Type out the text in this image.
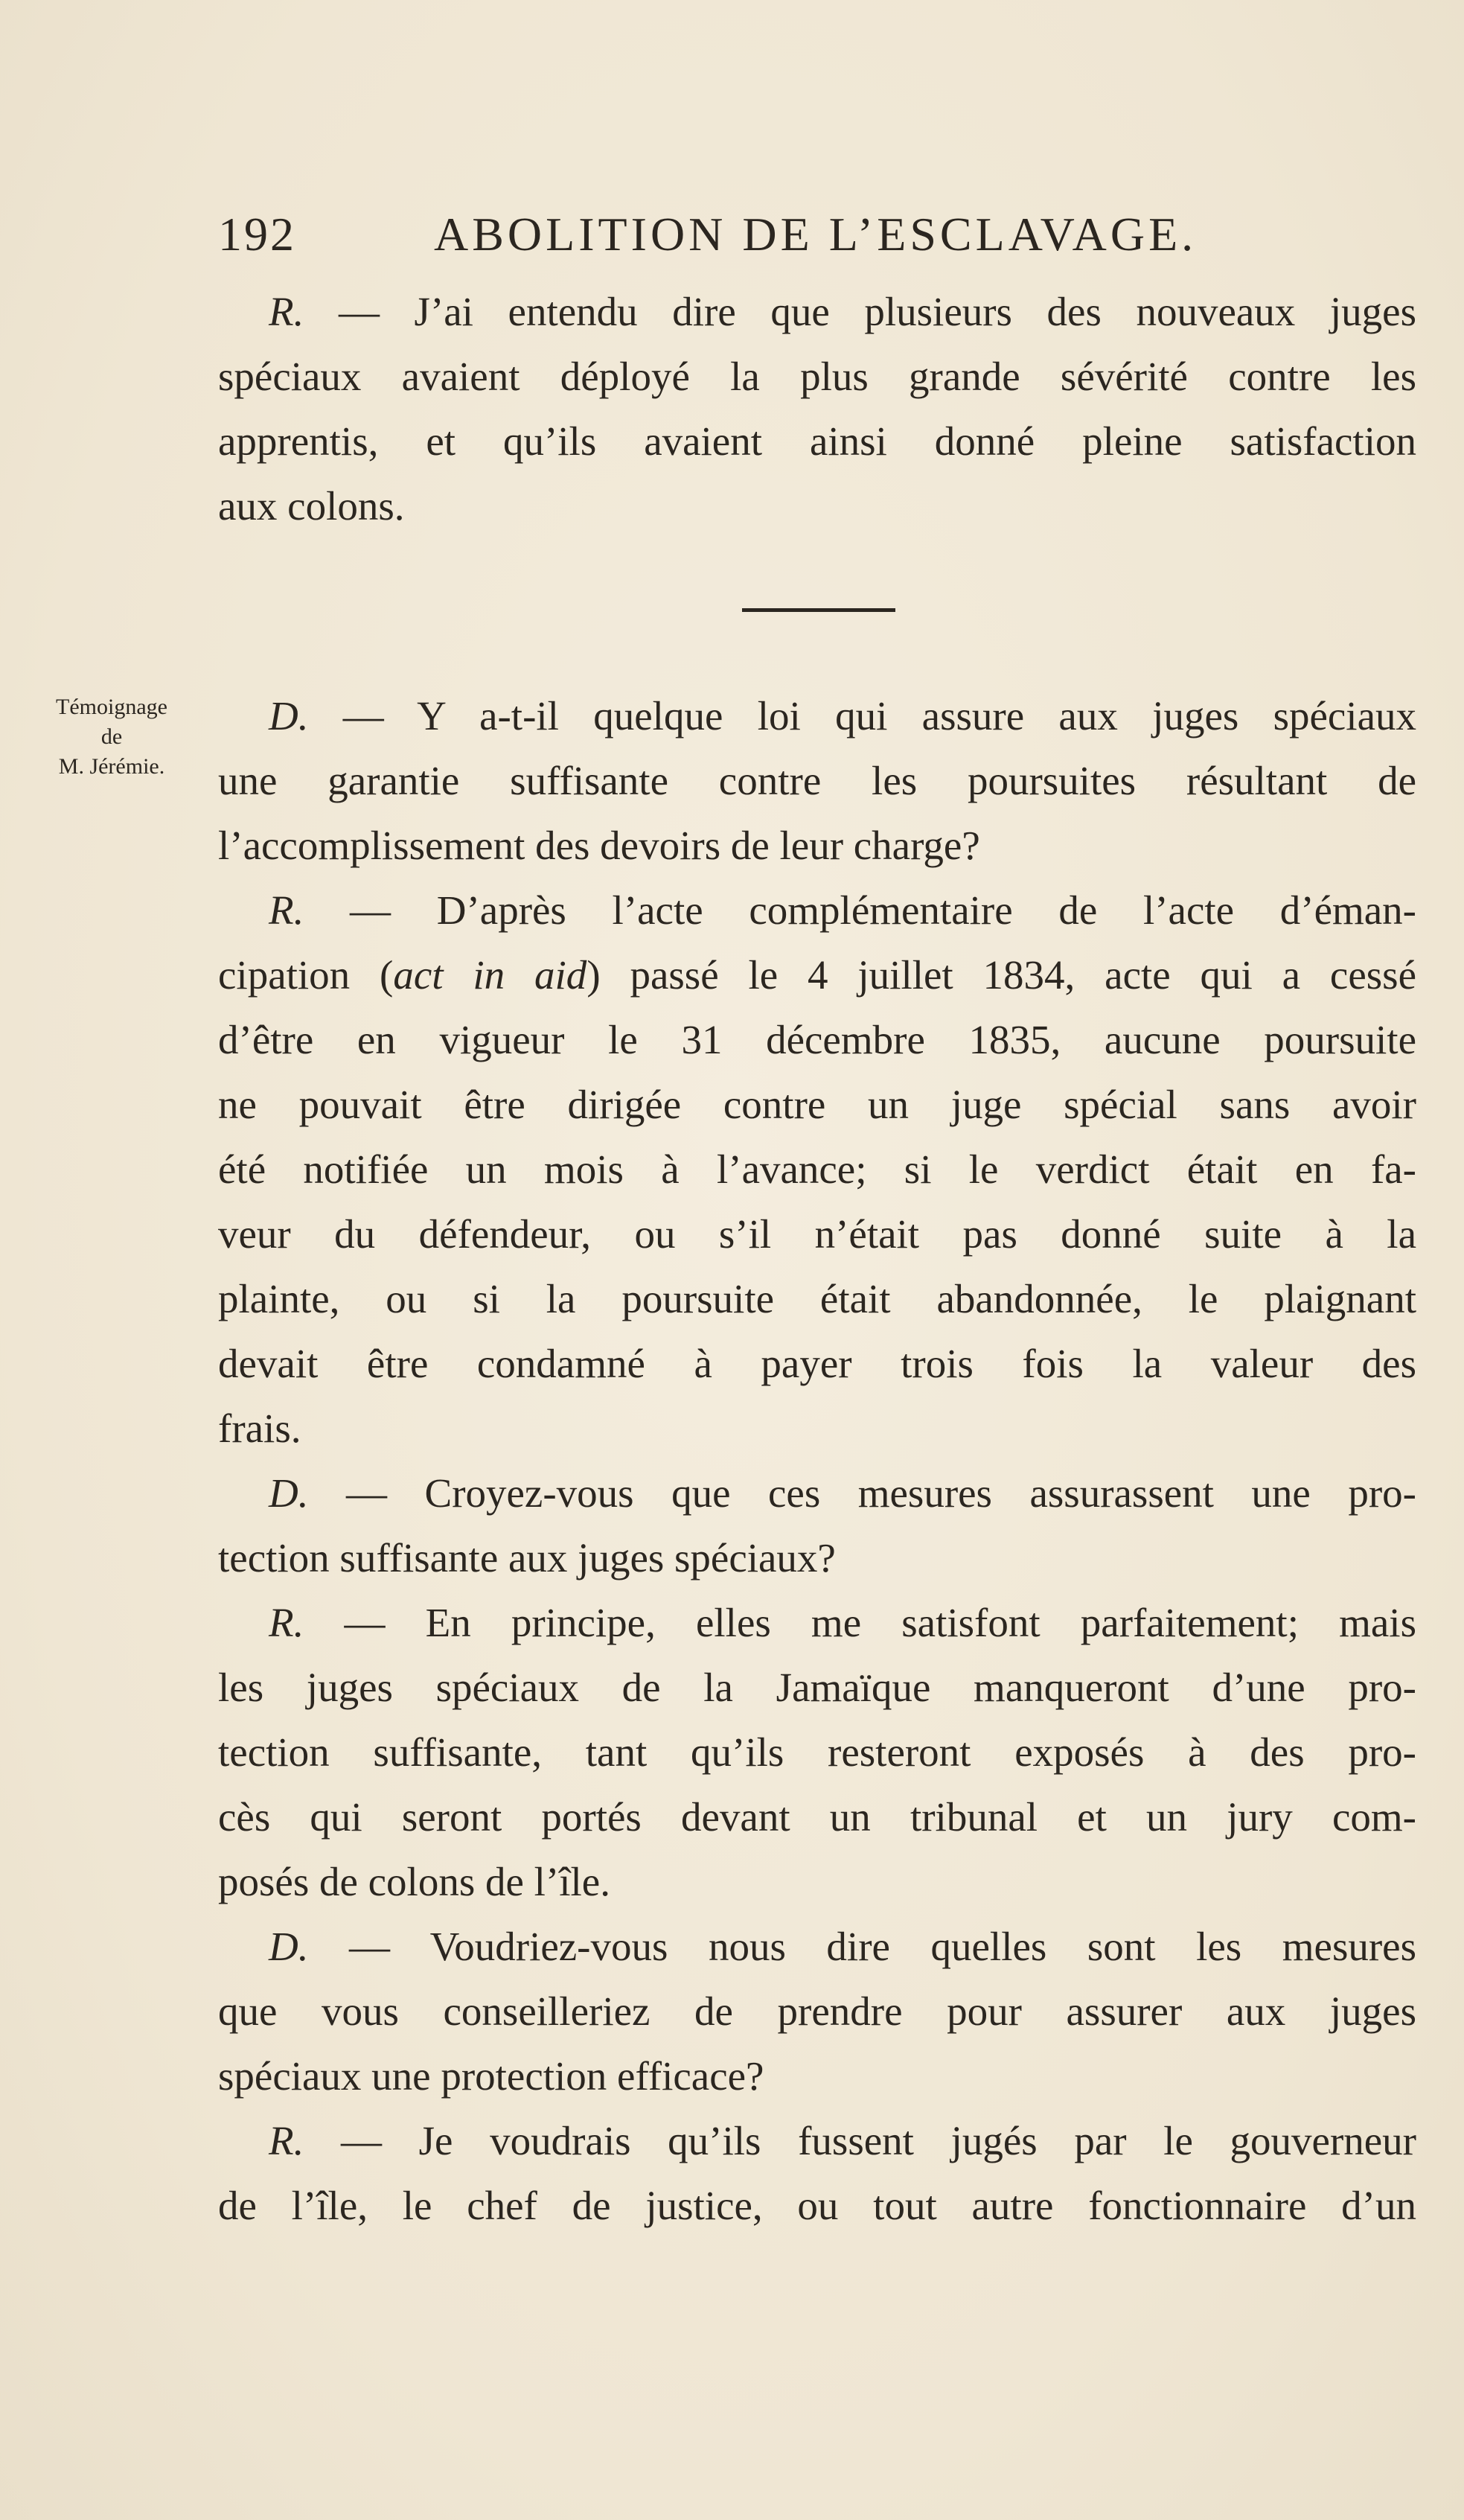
192	ABOLITION DE L’ESCLAVAGE.
R. — J’ai entendu dire que plusieurs des nouveaux juges
spéciaux avaient déployé la plus grande sévérité contre les
apprentis, et qu’ils avaient ainsi donné pleine satisfaction
aux colons.
Témoignage
de
M. Jérémie.
D. — Y a-t-il quelque loi qui assure aux juges spéciaux
une garantie suffisante contre les poursuites résultant de
l’accomplissement des devoirs de leur charge?
R. — D’après l’acte complémentaire de l’acte d’éman-
cipation (act in aid) passé le 4 juillet 1834, acte qui a cessé
d’être en vigueur le 31 décembre 1835, aucune poursuite
ne pouvait être dirigée contre un juge spécial sans avoir
été notifiée un mois à l’avance; si le verdict était en fa-
veur du défendeur, ou s’il n’était pas donné suite à la
plainte, ou si la poursuite était abandonnée, le plaignant
devait être condamné à payer trois fois la valeur des
frais.
D. — Croyez-vous que ces mesures assurassent une pro-
tection suffisante aux juges spéciaux?
R. — En principe, elles me satisfont parfaitement; mais
les juges spéciaux de la Jamaïque manqueront d’une pro-
tection suffisante, tant qu’ils resteront exposés à des pro-
cès qui seront portés devant un tribunal et un jury com-
posés de colons de l’île.
D. — Voudriez-vous nous dire quelles sont les mesures
que vous conseilleriez de prendre pour assurer aux juges
spéciaux une protection efficace?
R. — Je voudrais qu’ils fussent jugés par le gouverneur
de l’île, le chef de justice, ou tout autre fonctionnaire d’un
